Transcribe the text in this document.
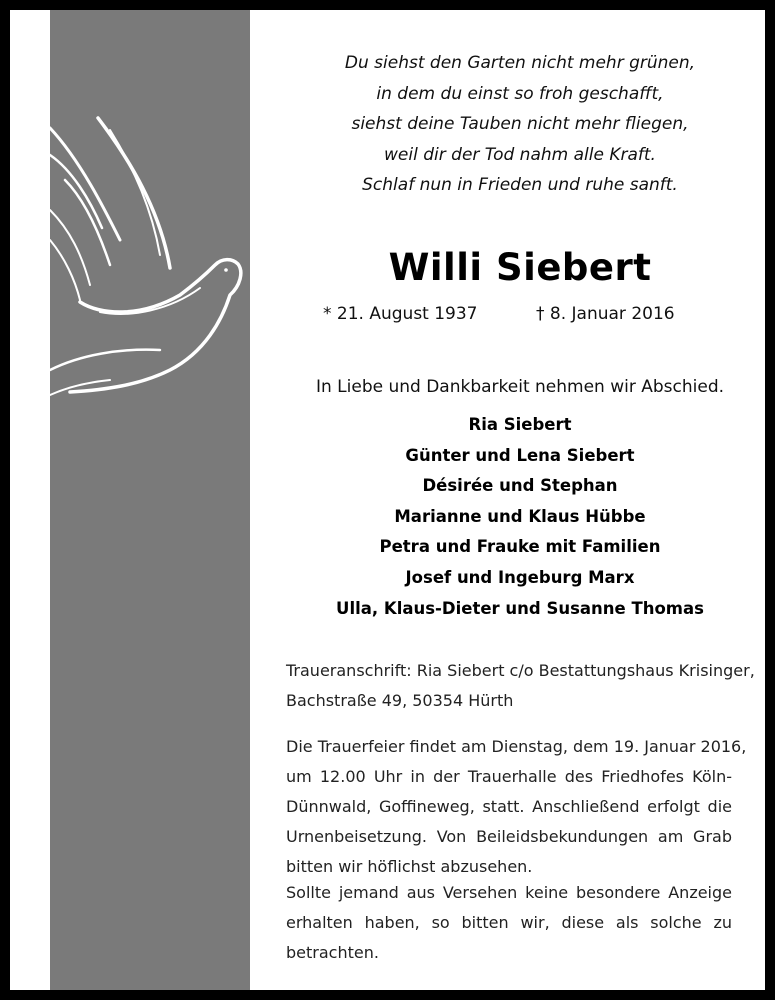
Du siehst den Garten nicht mehr grünen,
in dem du einst so froh geschafft,
siehst deine Tauben nicht mehr fliegen,
weil dir der Tod nahm alle Kraft.
Schlaf nun in Frieden und ruhe sanft.
Willi Siebert
* 21. August 1937	† 8. Januar 2016
In Liebe und Dankbarkeit nehmen wir Abschied.
Ria Siebert
Günter und Lena Siebert
Désirée und Stephan
Marianne und Klaus Hübbe
Petra und Frauke mit Familien
Josef und Ingeburg Marx
Ulla, Klaus-Dieter und Susanne Thomas
Traueranschrift: Ria Siebert c/o Bestattungshaus Krisinger,
Bachstraße 49, 50354 Hürth
Die Trauerfeier findet am Dienstag, dem 19. Januar 2016,
um 12.00 Uhr in der Trauerhalle des Friedhofes Köln-
Dünnwald, Goffineweg, statt. Anschließend erfolgt die
Urnenbeisetzung. Von Beileidsbekundungen am Grab
bitten wir höflichst abzusehen.
Sollte jemand aus Versehen keine besondere Anzeige
erhalten haben, so bitten wir, diese als solche zu
betrachten.
